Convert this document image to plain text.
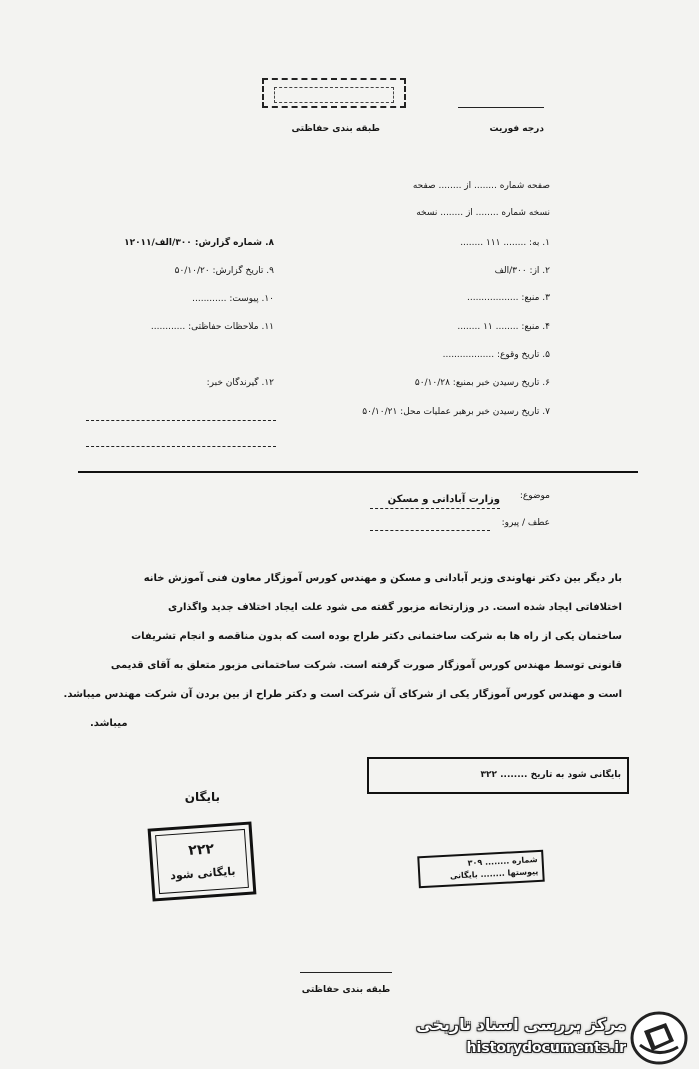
طبقه بندی حفاظتی	درجه فوریت
صفحه شماره ........ از ........ صفحه
نسخه شماره ........ از ........ نسخه
۱. به: ........ ۱۱۱ ........
۲. از: ۳۰۰/الف
۳. منبع: ..................
۴. منبع: ........ ۱۱ ........
۵. تاریخ وقوع: ..................
۶. تاریخ رسیدن خبر بمنبع: ۵۰/۱۰/۲۸
۷. تاریخ رسیدن خبر برهبر عملیات محل: ۵۰/۱۰/۲۱
۸. شماره گزارش: ۳۰۰/الف/۱۲۰۱۱
۹. تاریخ گزارش: ۵۰/۱۰/۲۰
۱۰. پیوست: ............
۱۱. ملاحظات حفاظتی: ............
۱۲. گیرندگان خبر:
موضوع:
وزارت آبادانی و مسکن
عطف / پیرو:
بار دیگر بین دکتر نهاوندی وزیر آبادانی و مسکن و مهندس کورس آموزگار معاون فنی آموزش خانه
اختلافاتی ایجاد شده است. در وزارتخانه مزبور گفته می شود علت ایجاد اختلاف جدید واگذاری
ساختمان یکی از راه ها به شرکت ساختمانی دکتر طراح بوده است که بدون مناقصه و انجام تشریفات
قانونی توسط مهندس کورس آموزگار صورت گرفته است. شرکت ساختمانی مزبور متعلق به آقای قدیمی
است و مهندس کورس آموزگار یکی از شرکای آن شرکت است و دکتر طراح از بین بردن آن شرکت مهندس میباشد.
میباشد.
بایگانی شود به تاریخ ........ ۳۲۲
بایگان
۲۲۲
بایگانی شود
شماره ........ ۳۰۹
پیوستها ........ بایگانی
طبقه بندی حفاظتی
مرکز بررسی اسناد تاریخی
historydocuments.ir
